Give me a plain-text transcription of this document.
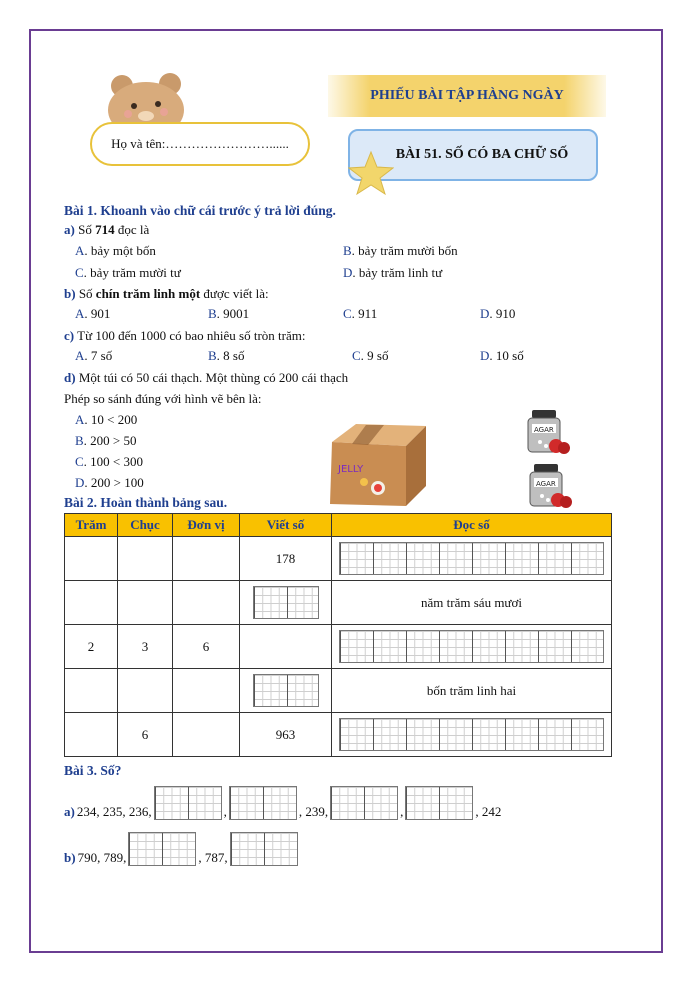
Họ và tên:……………………......
PHIẾU BÀI TẬP HÀNG NGÀY
BÀI 51. SỐ CÓ BA CHỮ SỐ
Bài 1. Khoanh vào chữ cái trước ý trả lời đúng.
a) Số 714 đọc là
A. bảy một bốn	B. bảy trăm mười bốn
C. bảy trăm mười tư	D. bảy trăm linh tư
b) Số chín trăm linh một được viết là:
A. 901	B. 9001	C. 911	D. 910
c) Từ 100 đến 1000 có bao nhiêu số tròn trăm:
A. 7 số	B. 8 số	C. 9 số	D. 10 số
d) Một túi có 50 cái thạch. Một thùng có 200 cái thạch
Phép so sánh đúng với hình vẽ bên là:
A. 10 < 200
B. 200 > 50
C. 100 < 300
D. 200 > 100
JELLY
AGAR
AGAR
Bài 2. Hoàn thành bảng sau.
Trăm	Chục	Đơn vị	Viết số	Đọc số
			178	
				năm trăm sáu mươi
2	3	6		
				bốn trăm linh hai
	6		963	
Bài 3. Số?
a) 234, 235, 236,	,	, 239,	,	, 242
b) 790, 789,	, 787,
